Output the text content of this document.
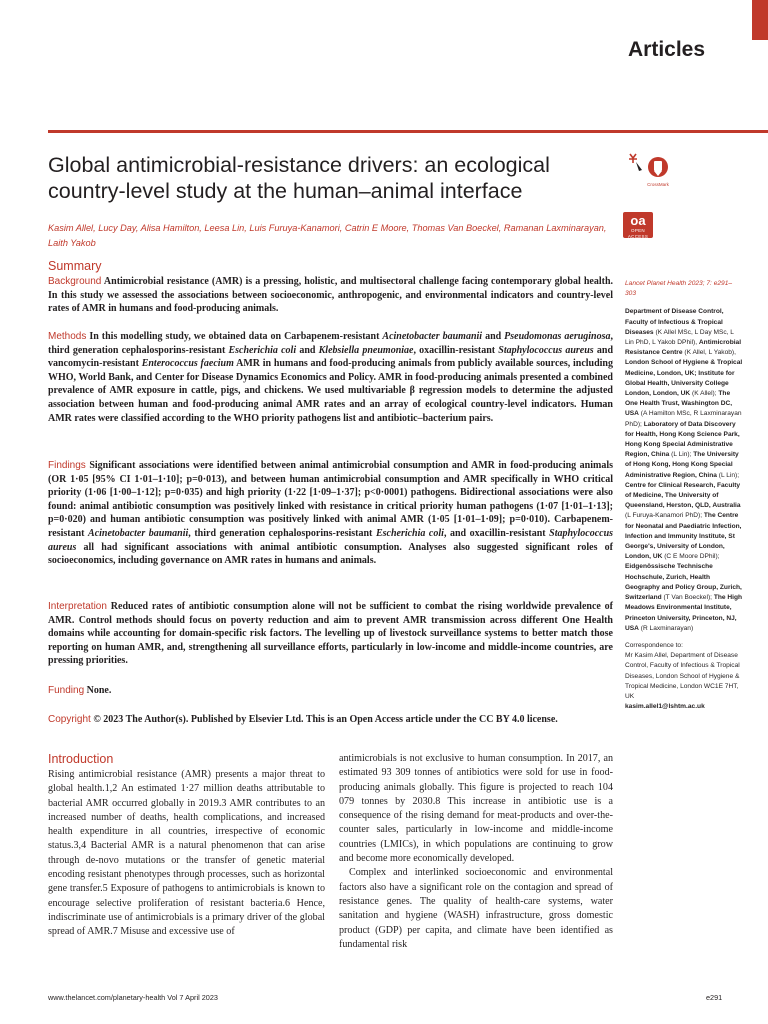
Articles
Global antimicrobial-resistance drivers: an ecological country-level study at the human–animal interface
Kasim Allel, Lucy Day, Alisa Hamilton, Leesa Lin, Luis Furuya-Kanamori, Catrin E Moore, Thomas Van Boeckel, Ramanan Laxminarayan, Laith Yakob
CrossMark
oa
OPEN ACCESS
Summary
Background Antimicrobial resistance (AMR) is a pressing, holistic, and multisectoral challenge facing contemporary global health. In this study we assessed the associations between socioeconomic, anthropogenic, and environmental indicators and country-level rates of AMR in humans and food-producing animals.
Methods In this modelling study, we obtained data on Carbapenem-resistant Acinetobacter baumanii and Pseudomonas aeruginosa, third generation cephalosporins-resistant Escherichia coli and Klebsiella pneumoniae, oxacillin-resistant Staphylococcus aureus and vancomycin-resistant Enterococcus faecium AMR in humans and food-producing animals from publicly available sources, including WHO, World Bank, and Center for Disease Dynamics Economics and Policy. AMR in food-producing animals presented a combined prevalence of AMR exposure in cattle, pigs, and chickens. We used multivariable β regression models to determine the adjusted association between human and food-producing animal AMR rates and an array of ecological country-level indicators. Human AMR rates were classified according to the WHO priority pathogens list and antibiotic–bacterium pairs.
Findings Significant associations were identified between animal antimicrobial consumption and AMR in food-producing animals (OR 1·05 [95% CI 1·01–1·10]; p=0·013), and between human antimicrobial consumption and AMR specifically in WHO critical priority (1·06 [1·00–1·12]; p=0·035) and high priority (1·22 [1·09–1·37]; p<0·0001) pathogens. Bidirectional associations were also found: animal antibiotic consumption was positively linked with resistance in critical priority human pathogens (1·07 [1·01–1·13]; p=0·020) and human antibiotic consumption was positively linked with animal AMR (1·05 [1·01–1·09]; p=0·010). Carbapenem-resistant Acinetobacter baumanii, third generation cephalosporins-resistant Escherichia coli, and oxacillin-resistant Staphylococcus aureus all had significant associations with animal antibiotic consumption. Analyses also suggested significant roles of socioeconomics, including governance on AMR rates in humans and animals.
Interpretation Reduced rates of antibiotic consumption alone will not be sufficient to combat the rising worldwide prevalence of AMR. Control methods should focus on poverty reduction and aim to prevent AMR transmission across different One Health domains while accounting for domain-specific risk factors. The levelling up of livestock surveillance systems to better match those reporting on human AMR, and, strengthening all surveillance efforts, particularly in low-income and middle-income countries, are pressing priorities.
Funding None.
Copyright © 2023 The Author(s). Published by Elsevier Ltd. This is an Open Access article under the CC BY 4.0 license.
Lancet Planet Health 2023; 7: e291–303
Department of Disease Control, Faculty of Infectious & Tropical Diseases (K Allel MSc, L Day MSc, L Lin PhD, L Yakob DPhil), Antimicrobial Resistance Centre (K Allel, L Yakob), London School of Hygiene & Tropical Medicine, London, UK; Institute for Global Health, University College London, London, UK (K Allel); The One Health Trust, Washington DC, USA (A Hamilton MSc, R Laxminarayan PhD); Laboratory of Data Discovery for Health, Hong Kong Science Park, Hong Kong Special Administrative Region, China (L Lin); The University of Hong Kong, Hong Kong Special Administrative Region, China (L Lin); Centre for Clinical Research, Faculty of Medicine, The University of Queensland, Herston, QLD, Australia (L Furuya-Kanamori PhD); The Centre for Neonatal and Paediatric Infection, Infection and Immunity Institute, St George's, University of London, London, UK (C E Moore DPhil); Eidgenössische Technische Hochschule, Zurich, Health Geography and Policy Group, Zurich, Switzerland (T Van Boeckel); The High Meadows Environmental Institute, Princeton University, Princeton, NJ, USA (R Laxminarayan)
Correspondence to:
Mr Kasim Allel, Department of Disease Control, Faculty of Infectious & Tropical Diseases, London School of Hygiene & Tropical Medicine, London WC1E 7HT, UK
kasim.allel1@lshtm.ac.uk
Introduction

Rising antimicrobial resistance (AMR) presents a major threat to global health.1,2 An estimated 1·27 million deaths attributable to bacterial AMR occurred globally in 2019.3 AMR contributes to an increased number of deaths, health complications, and increased health expenditure in all countries, irrespective of economic status.3,4 Bacterial AMR is a natural phenomenon that can arise through de-novo mutations or the transfer of genetic material encoding resistant phenotypes through processes, such as horizontal gene transfer.5 Exposure of pathogens to antimicrobials is known to encourage selective proliferation of resistant bacteria.6 Hence, indiscriminate use of antimicrobials is a primary driver of the global spread of AMR.7 Misuse and excessive use of

antimicrobials is not exclusive to human consumption. In 2017, an estimated 93 309 tonnes of antibiotics were sold for use in food-producing animals globally. This figure is projected to reach 104 079 tonnes by 2030.8 This increase in antibiotic use is a consequence of the rising demand for meat-products and over-the-counter sales, particularly in low-income and middle-income countries (LMICs), in which populations are continuing to grow and become more economically developed.

Complex and interlinked socioeconomic and environmental factors also have a significant role on the contagion and spread of resistance genes. The quality of health-care systems, water sanitation and hygiene (WASH) infrastructure, gross domestic product (GDP) per capita, and climate have been identified as fundamental risk

www.thelancet.com/planetary-health Vol 7 April 2023	e291
